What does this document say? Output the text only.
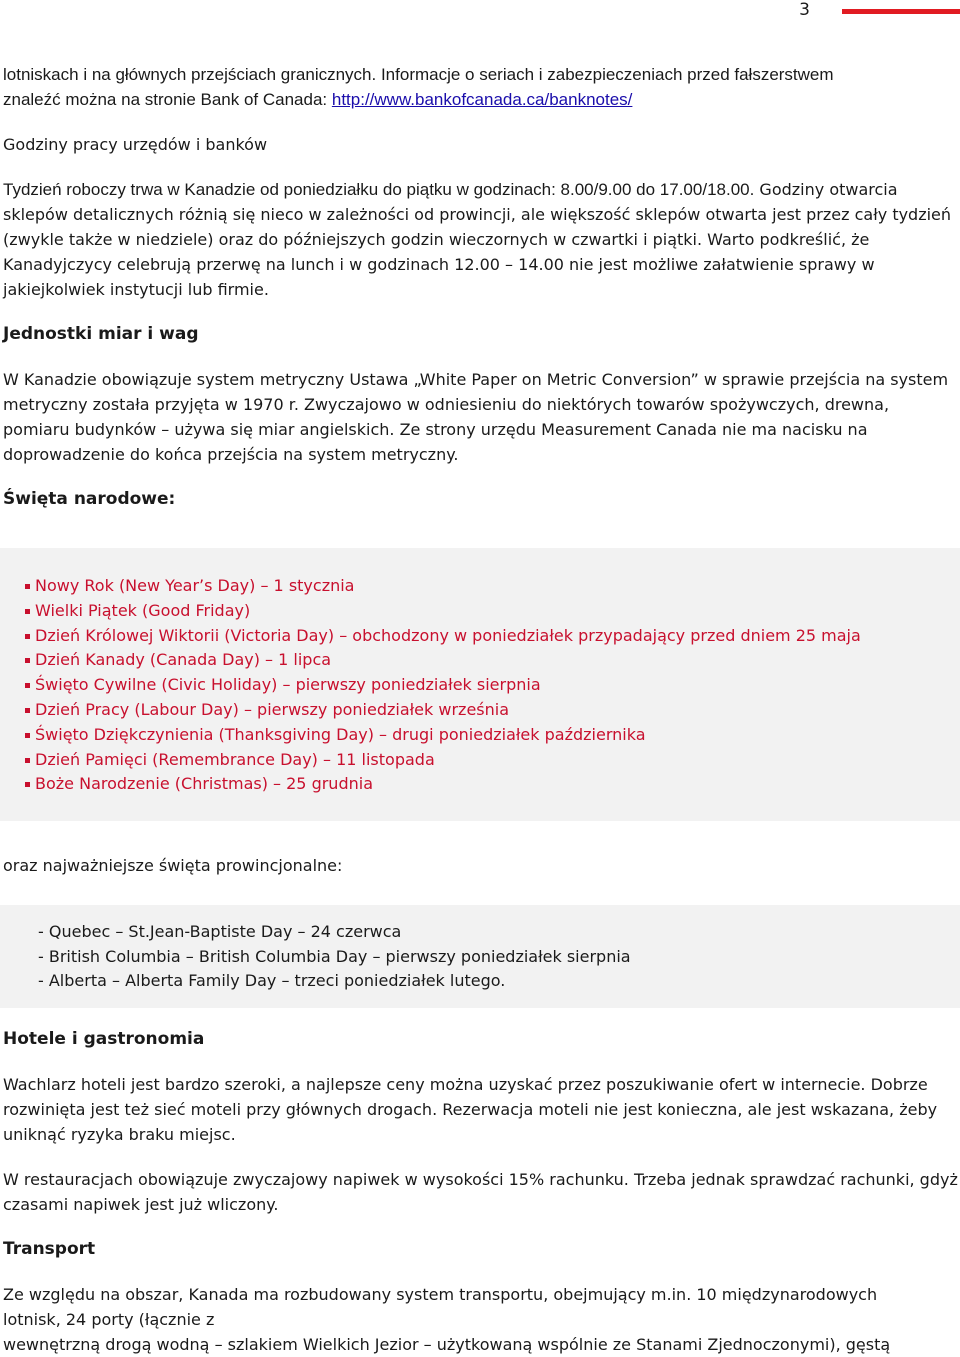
3

lotniskach i na głównych przejściach granicznych. Informacje o seriach i zabezpieczeniach przed fałszerstwem

znaleźć można na stronie Bank of Canada: http://www.bankofcanada.ca/banknotes/

Godziny pracy urzędów i banków

Tydzień roboczy trwa w Kanadzie od poniedziałku do piątku w godzinach: 8.00/9.00 do 17.00/18.00. Godziny otwarcia sklepów detalicznych różnią się nieco w zależności od prowincji, ale większość sklepów otwarta jest przez cały tydzień (zwykle także w niedziele) oraz do późniejszych godzin wieczornych w czwartki i piątki. Warto podkreślić, że Kanadyjczycy celebrują przerwę na lunch i w godzinach 12.00 – 14.00 nie jest możliwe załatwienie sprawy w jakiejkolwiek instytucji lub firmie.

Jednostki miar i wag

W Kanadzie obowiązuje system metryczny Ustawa „White Paper on Metric Conversion” w sprawie przejścia na system metryczny została przyjęta w 1970 r. Zwyczajowo w odniesieniu do niektórych towarów spożywczych, drewna, pomiaru budynków – używa się miar angielskich. Ze strony urzędu Measurement Canada nie ma nacisku na doprowadzenie do końca przejścia na system metryczny.

Święta narodowe:
Nowy Rok (New Year’s Day) – 1 stycznia
Wielki Piątek (Good Friday)
Dzień Królowej Wiktorii (Victoria Day) – obchodzony w poniedziałek przypadający przed dniem 25 maja
Dzień Kanady (Canada Day) – 1 lipca
Święto Cywilne (Civic Holiday) – pierwszy poniedziałek sierpnia
Dzień Pracy (Labour Day) – pierwszy poniedziałek września
Święto Dziękczynienia (Thanksgiving Day) – drugi poniedziałek października
Dzień Pamięci (Remembrance Day) – 11 listopada
Boże Narodzenie (Christmas) – 25 grudnia

oraz najważniejsze święta prowincjonalne:

- Quebec – St.Jean-Baptiste Day – 24 czerwca

- British Columbia – British Columbia Day – pierwszy poniedziałek sierpnia

- Alberta – Alberta Family Day – trzeci poniedziałek lutego.

Hotele i gastronomia

Wachlarz hoteli jest bardzo szeroki, a najlepsze ceny można uzyskać przez poszukiwanie ofert w internecie. Dobrze rozwinięta jest też sieć moteli przy głównych drogach. Rezerwacja moteli nie jest konieczna, ale jest wskazana, żeby uniknąć ryzyka braku miejsc.

W restauracjach obowiązuje zwyczajowy napiwek w wysokości 15% rachunku. Trzeba jednak sprawdzać rachunki, gdyż czasami napiwek jest już wliczony.

Transport

Ze względu na obszar, Kanada ma rozbudowany system transportu, obejmujący m.in. 10 międzynarodowych

lotnisk, 24 porty (łącznie z

wewnętrzną drogą wodną – szlakiem Wielkich Jezior – użytkowaną wspólnie ze Stanami Zjednoczonymi), gęstą
